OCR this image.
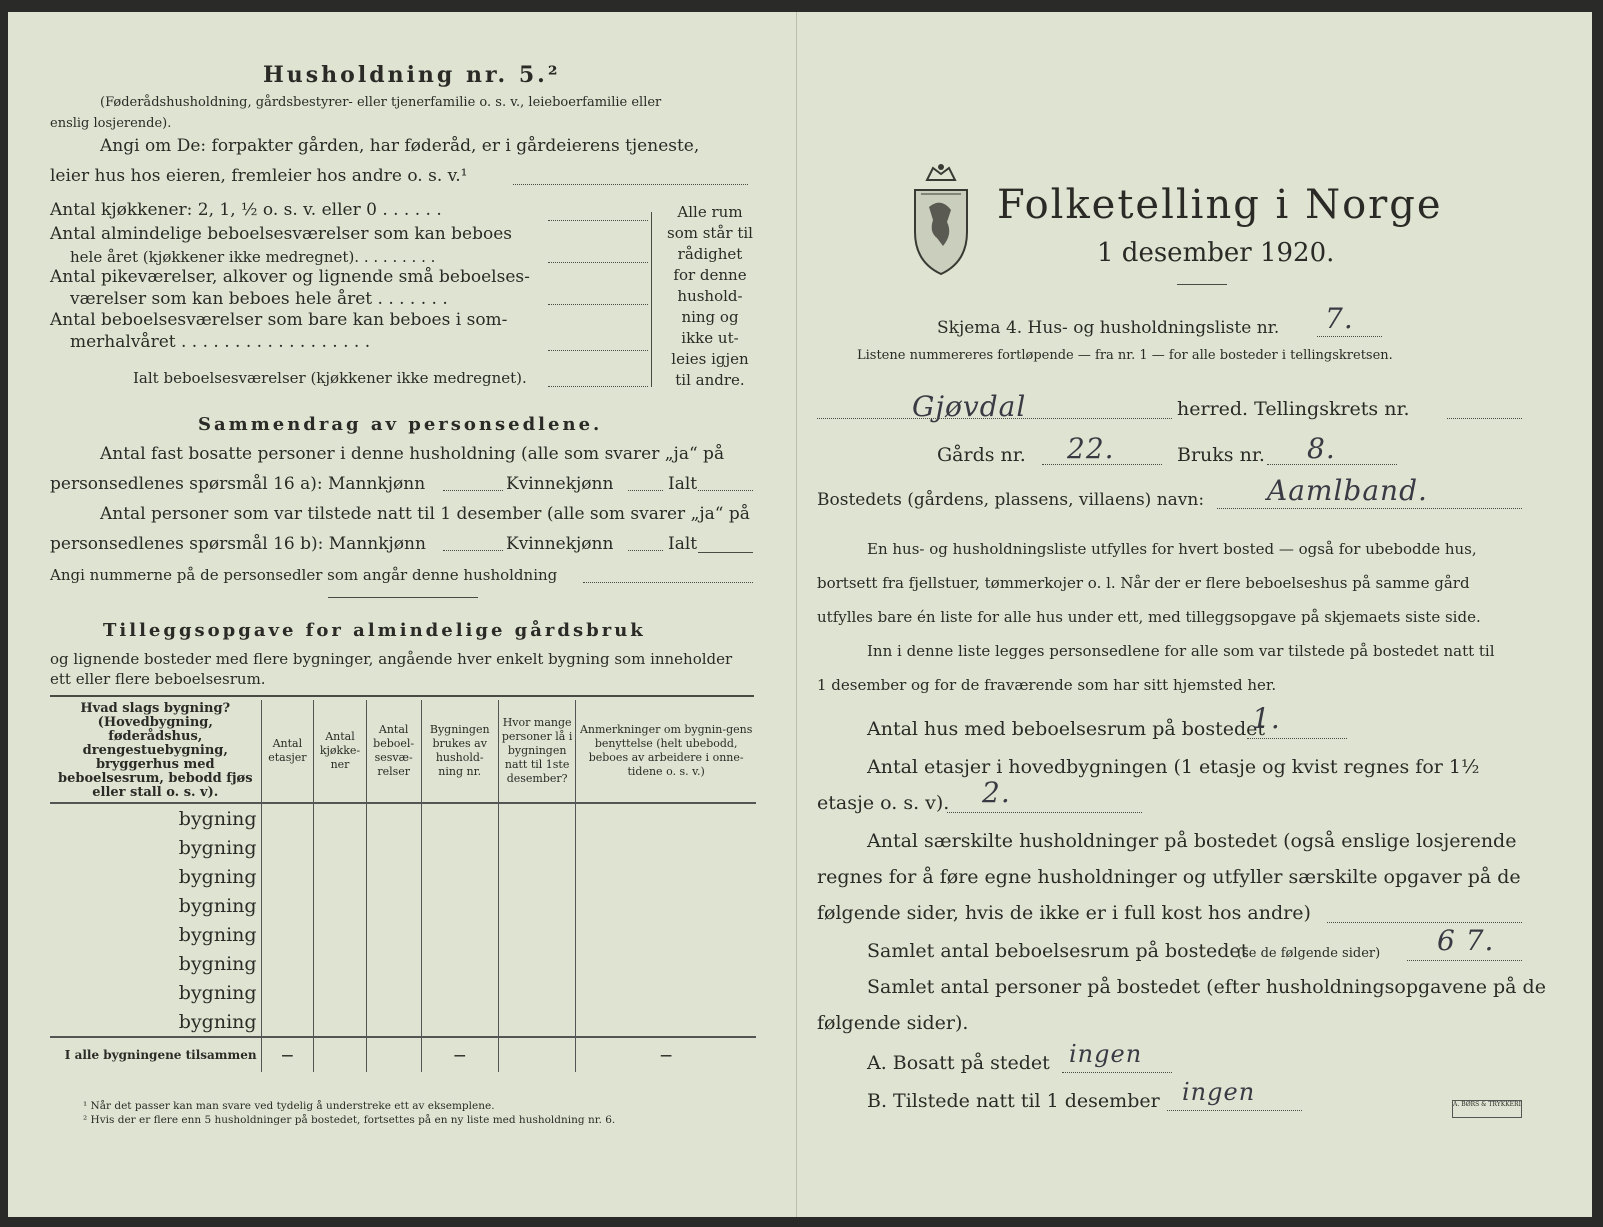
Husholdning nr. 5.²
(Føderådshusholdning, gårdsbestyrer- eller tjenerfamilie o. s. v., leieboerfamilie eller
enslig losjerende).
Angi om De: forpakter gården, har føderåd, er i gårdeierens tjeneste,
leier hus hos eieren, fremleier hos andre o. s. v.¹
Antal kjøkkener: 2, 1, ½ o. s. v. eller 0 . . . . . .
Antal almindelige beboelsesværelser som kan beboes
hele året (kjøkkener ikke medregnet). . . . . . . . .
Antal pikeværelser, alkover og lignende små beboelses-
værelser som kan beboes hele året . . . . . . .
Antal beboelsesværelser som bare kan beboes i som-
merhalvåret . . . . . . . . . . . . . . . . . .
Alle rum
som står til
rådighet
for denne
hushold-
ning og
ikke ut-
leies igjen
til andre.
Ialt beboelsesværelser (kjøkkener ikke medregnet).
Sammendrag av personsedlene.
Antal fast bosatte personer i denne husholdning (alle som svarer „ja“ på
personsedlenes spørsmål 16 a): Mannkjønn	Kvinnekjønn	Ialt
Antal personer som var tilstede natt til 1 desember (alle som svarer „ja“ på
personsedlenes spørsmål 16 b): Mannkjønn	Kvinnekjønn	Ialt
Angi nummerne på de personsedler som angår denne husholdning
Tilleggsopgave for almindelige gårdsbruk
og lignende bosteder med flere bygninger, angående hver enkelt bygning som inneholder
ett eller flere beboelsesrum.
Hvad slags bygning? (Hovedbygning, føderådshus, drengestuebygning, bryggerhus med beboelsesrum, bebodd fjøs eller stall o. s. v).	Antal etasjer	Antal kjøkke-ner	Antal beboel-sesvæ-relser	Bygningen brukes av hushold-ning nr.	Hvor mange personer lå i bygningen natt til 1ste desember?	Anmerkninger om bygnin-gens benyttelse (helt ubebodd, beboes av arbeidere i onne-tidene o. s. v.)
bygning						
bygning						
bygning						
bygning						
bygning						
bygning						
bygning						
bygning						
I alle bygningene tilsammen	—			—		—
¹ Når det passer kan man svare ved tydelig å understreke ett av eksemplene.
² Hvis der er flere enn 5 husholdninger på bostedet, fortsettes på en ny liste med husholdning nr. 6.
Folketelling i Norge
1 desember 1920.
Skjema 4. Hus- og husholdningsliste nr. 7.
Listene nummereres fortløpende — fra nr. 1 — for alle bosteder i tellingskretsen.
Gjøvdal	herred. Tellingskrets nr.
Gårds nr. 22.	Bruks nr. 8.
Bostedets (gårdens, plassens, villaens) navn: Aamlband.
En hus- og husholdningsliste utfylles for hvert bosted — også for ubebodde hus,
bortsett fra fjellstuer, tømmerkojer o. l. Når der er flere beboelseshus på samme gård
utfylles bare én liste for alle hus under ett, med tilleggsopgave på skjemaets siste side.
Inn i denne liste legges personsedlene for alle som var tilstede på bostedet natt til
1 desember og for de fraværende som har sitt hjemsted her.
Antal hus med beboelsesrum på bostedet
1.
Antal etasjer i hovedbygningen (1 etasje og kvist regnes for 1½
etasje o. s. v). 2.
Antal særskilte husholdninger på bostedet (også enslige losjerende
regnes for å føre egne husholdninger og utfyller særskilte opgaver på de
følgende sider, hvis de ikke er i full kost hos andre)
Samlet antal beboelsesrum på bostedet
(se de følgende sider) 6 7.
Samlet antal personer på bostedet (efter husholdningsopgavene på de
følgende sider).
A. Bosatt på stedet ingen
B. Tilstede natt til 1 desember ingen	A. BØRS & TRYKKERI
